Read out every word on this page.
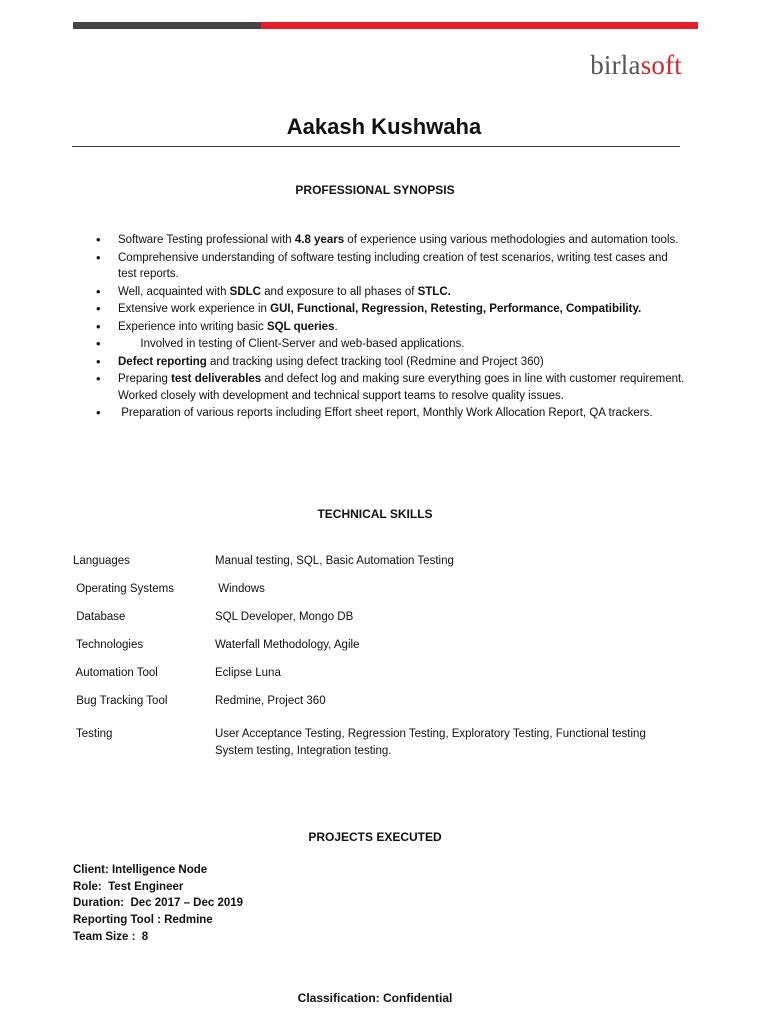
birlasoft
Aakash Kushwaha
PROFESSIONAL SYNOPSIS
• Software Testing professional with 4.8 years of experience using various methodologies and automation tools.
• Comprehensive understanding of software testing including creation of test scenarios, writing test cases and test reports.
• Well, acquainted with SDLC and exposure to all phases of STLC.
• Extensive work experience in GUI, Functional, Regression, Retesting, Performance, Compatibility.
• Experience into writing basic SQL queries.
•        Involved in testing of Client-Server and web-based applications.
• Defect reporting and tracking using defect tracking tool (Redmine and Project 360)
• Preparing test deliverables and defect log and making sure everything goes in line with customer requirement. Worked closely with development and technical support teams to resolve quality issues.
•  Preparation of various reports including Effort sheet report, Monthly Work Allocation Report, QA trackers.
TECHNICAL SKILLS
Languages	Manual testing, SQL, Basic Automation Testing
Operating Systems	Windows
Database	SQL Developer, Mongo DB
Technologies	Waterfall Methodology, Agile
Automation Tool	Eclipse Luna
Bug Tracking Tool	Redmine, Project 360
Testing	User Acceptance Testing, Regression Testing, Exploratory Testing, Functional testing System testing, Integration testing.
PROJECTS EXECUTED
Client: Intelligence Node
Role:  Test Engineer
Duration:  Dec 2017 – Dec 2019
Reporting Tool : Redmine
Team Size :  8
Classification: Confidential
